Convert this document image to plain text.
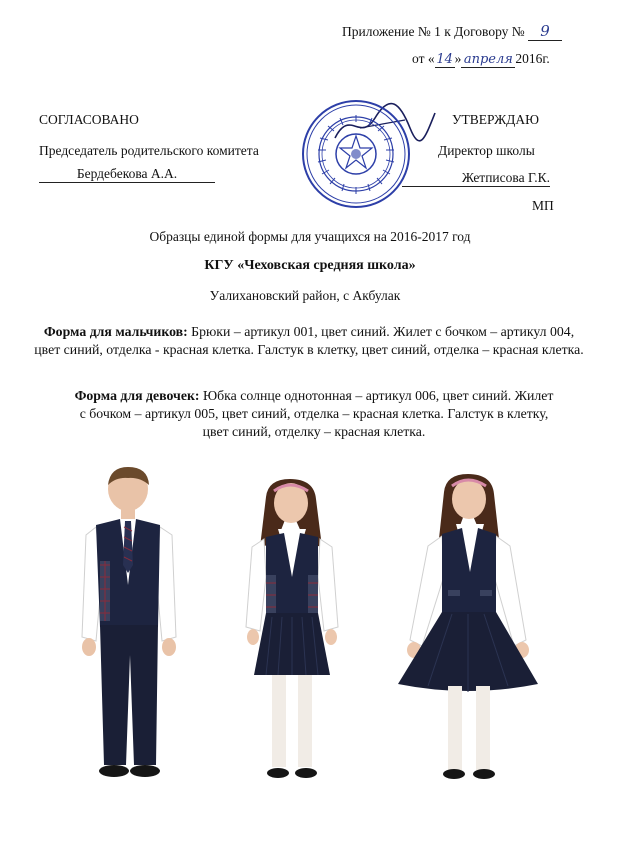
Приложение № 1 к Договору № 9
от « 14 » апреля 2016г.
СОГЛАСОВАНО
Председатель родительского комитета
Бердебекова А.А.
УТВЕРЖДАЮ
Директор школы
Жетписова Г.К.
МП
Образцы единой формы для учащихся на 2016-2017 год
КГУ «Чеховская средняя школа»
Уалихановский район, с Акбулак
Форма для мальчиков: Брюки – артикул 001, цвет синий. Жилет с бочком – артикул 004, цвет синий, отделка - красная клетка. Галстук в клетку, цвет синий, отделка – красная клетка.
Форма для девочек: Юбка солнце однотонная – артикул 006, цвет синий. Жилет с бочком – артикул 005, цвет синий, отделка – красная клетка. Галстук в клетку, цвет синий, отделку – красная клетка.
